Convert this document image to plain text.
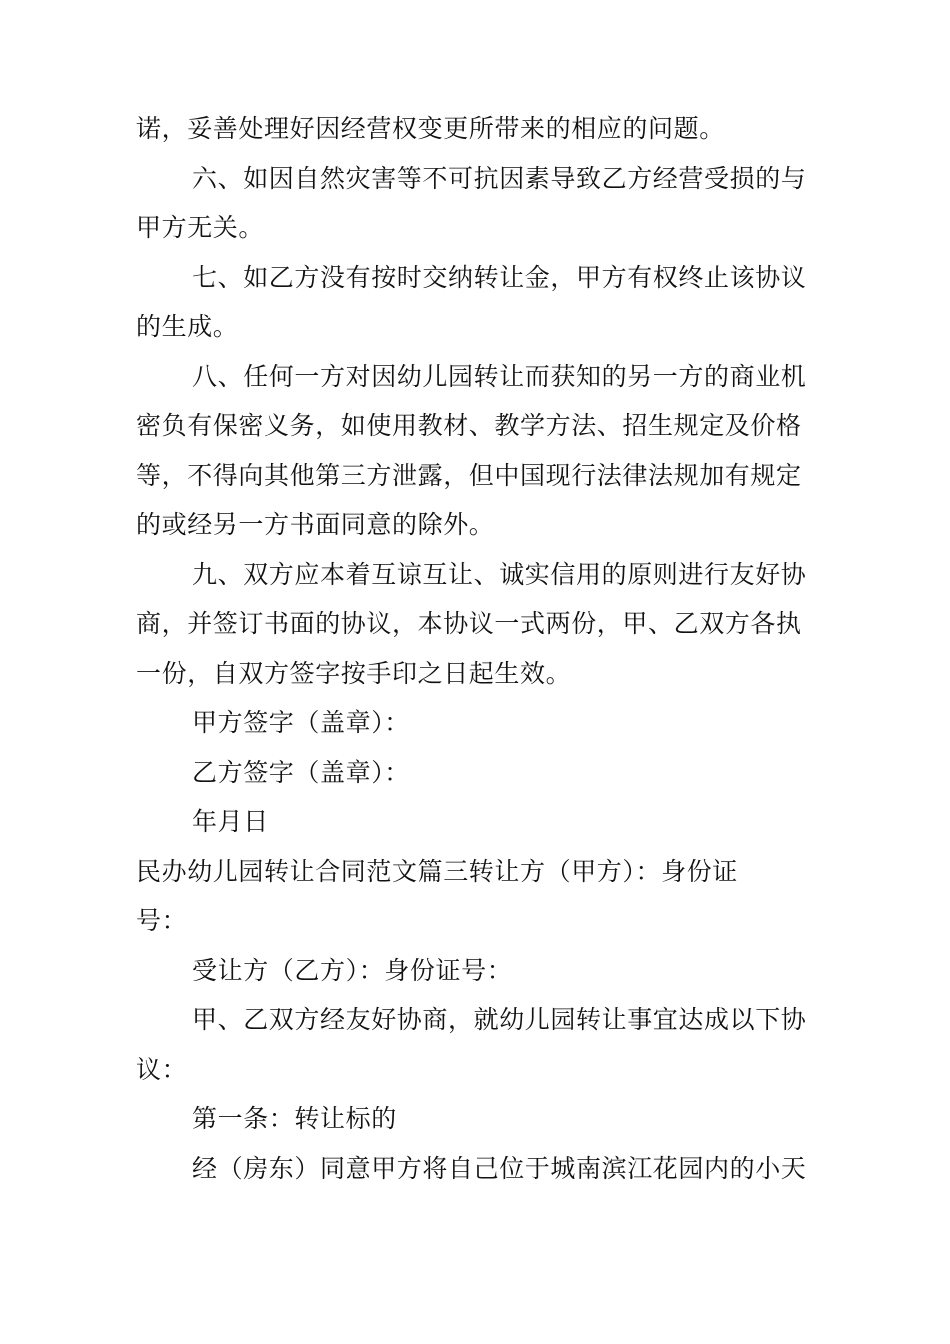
诺，妥善处理好因经营权变更所带来的相应的问题。
六、如因自然灾害等不可抗因素导致乙方经营受损的与
甲方无关。
七、如乙方没有按时交纳转让金，甲方有权终止该协议
的生成。
八、任何一方对因幼儿园转让而获知的另一方的商业机
密负有保密义务，如使用教材、教学方法、招生规定及价格
等，不得向其他第三方泄露，但中国现行法律法规加有规定
的或经另一方书面同意的除外。
九、双方应本着互谅互让、诚实信用的原则进行友好协
商，并签订书面的协议，本协议一式两份，甲、乙双方各执
一份，自双方签字按手印之日起生效。
甲方签字（盖章）：
乙方签字（盖章）：
年月日
民办幼儿园转让合同范文篇三转让方（甲方）：身份证
号：
受让方（乙方）：身份证号：
甲、乙双方经友好协商，就幼儿园转让事宜达成以下协
议：
第一条：转让标的
经（房东）同意甲方将自己位于城南滨江花园内的小天
